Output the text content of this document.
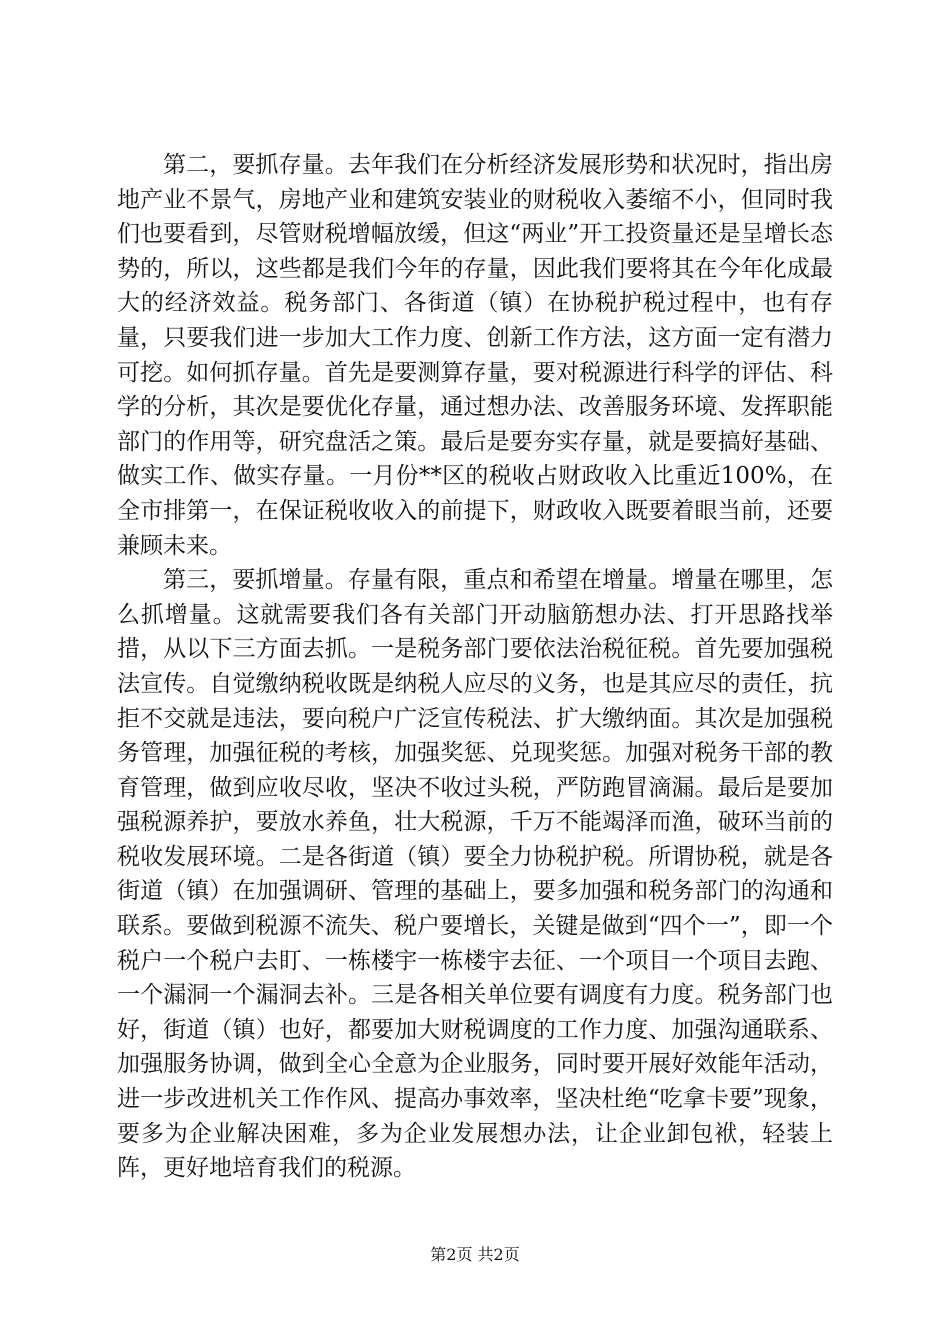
第二，要抓存量。去年我们在分析经济发展形势和状况时，指出房地产业不景气，房地产业和建筑安装业的财税收入萎缩不小，但同时我们也要看到，尽管财税增幅放缓，但这“两业”开工投资量还是呈增长态势的，所以，这些都是我们今年的存量，因此我们要将其在今年化成最大的经济效益。税务部门、各街道（镇）在协税护税过程中，也有存量，只要我们进一步加大工作力度、创新工作方法，这方面一定有潜力可挖。如何抓存量。首先是要测算存量，要对税源进行科学的评估、科学的分析，其次是要优化存量，通过想办法、改善服务环境、发挥职能部门的作用等，研究盘活之策。最后是要夯实存量，就是要搞好基础、做实工作、做实存量。一月份**区的税收占财政收入比重近100%，在全市排第一，在保证税收收入的前提下，财政收入既要着眼当前，还要兼顾未来。

第三，要抓增量。存量有限，重点和希望在增量。增量在哪里，怎么抓增量。这就需要我们各有关部门开动脑筋想办法、打开思路找举措，从以下三方面去抓。一是税务部门要依法治税征税。首先要加强税法宣传。自觉缴纳税收既是纳税人应尽的义务，也是其应尽的责任，抗拒不交就是违法，要向税户广泛宣传税法、扩大缴纳面。其次是加强税务管理，加强征税的考核，加强奖惩、兑现奖惩。加强对税务干部的教育管理，做到应收尽收，坚决不收过头税，严防跑冒滴漏。最后是要加强税源养护，要放水养鱼，壮大税源，千万不能竭泽而渔，破环当前的税收发展环境。二是各街道（镇）要全力协税护税。所谓协税，就是各街道（镇）在加强调研、管理的基础上，要多加强和税务部门的沟通和联系。要做到税源不流失、税户要增长，关键是做到“四个一”，即一个税户一个税户去盯、一栋楼宇一栋楼宇去征、一个项目一个项目去跑、一个漏洞一个漏洞去补。三是各相关单位要有调度有力度。税务部门也好，街道（镇）也好，都要加大财税调度的工作力度、加强沟通联系、加强服务协调，做到全心全意为企业服务，同时要开展好效能年活动，进一步改进机关工作作风、提高办事效率，坚决杜绝“吃拿卡要”现象，要多为企业解决困难，多为企业发展想办法，让企业卸包袱，轻装上阵，更好地培育我们的税源。

第2页 共2页
